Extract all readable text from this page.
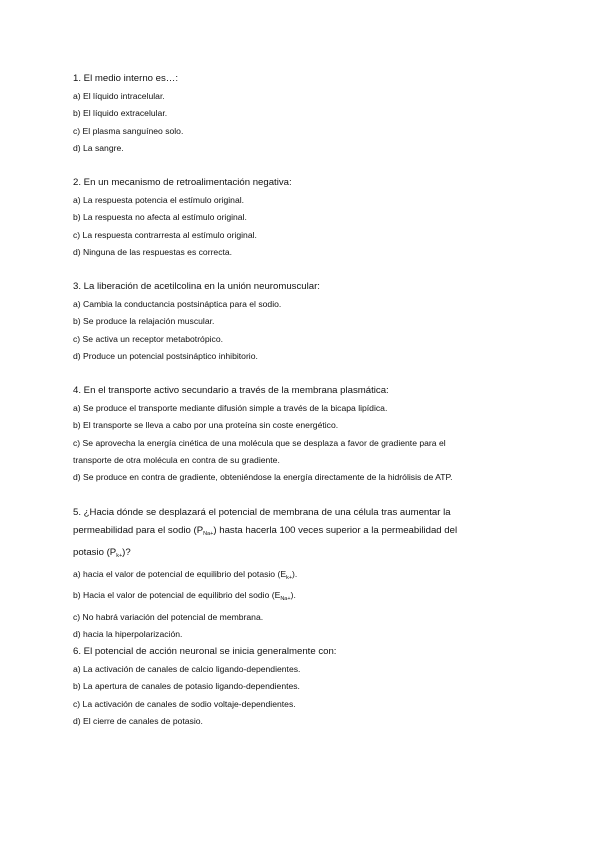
1. El medio interno es…:

a) El líquido intracelular.

b) El líquido extracelular.

c) El plasma sanguíneo solo.

d) La sangre.

2. En un mecanismo de retroalimentación negativa:

a) La respuesta potencia el estímulo original.

b) La respuesta no afecta al estímulo original.

c) La respuesta contrarresta al estímulo original.

d) Ninguna de las respuestas es correcta.

3. La liberación de acetilcolina en la unión neuromuscular:

a) Cambia la conductancia postsináptica para el sodio.

b) Se produce la relajación muscular.

c) Se activa un receptor metabotrópico.

d) Produce un potencial postsináptico inhibitorio.

4. En el transporte activo secundario a través de la membrana plasmática:

a) Se produce el transporte mediante difusión simple a través de la bicapa lipídica.

b) El transporte se lleva a cabo por una proteína sin coste energético.

c) Se aprovecha la energía cinética de una molécula que se desplaza a favor de gradiente para el

transporte de otra molécula en contra de su gradiente.

d) Se produce en contra de gradiente, obteniéndose la energía directamente de la hidrólisis de ATP.

5. ¿Hacia dónde se desplazará el potencial de membrana de una célula tras aumentar la

permeabilidad para el sodio $(P_{Na+})$ hasta hacerla 100 veces superior a la permeabilidad del

potasio $(P_{k+})$?

a) hacia el valor de potencial de equilibrio del potasio $(E_{k+})$.

b) Hacia el valor de potencial de equilibrio del sodio $(E_{Na+})$.

c) No habrá variación del potencial de membrana.

d) hacia la hiperpolarización.

6. El potencial de acción neuronal se inicia generalmente con:

a) La activación de canales de calcio ligando-dependientes.

b) La apertura de canales de potasio ligando-dependientes.

c) La activación de canales de sodio voltaje-dependientes.

d) El cierre de canales de potasio.
